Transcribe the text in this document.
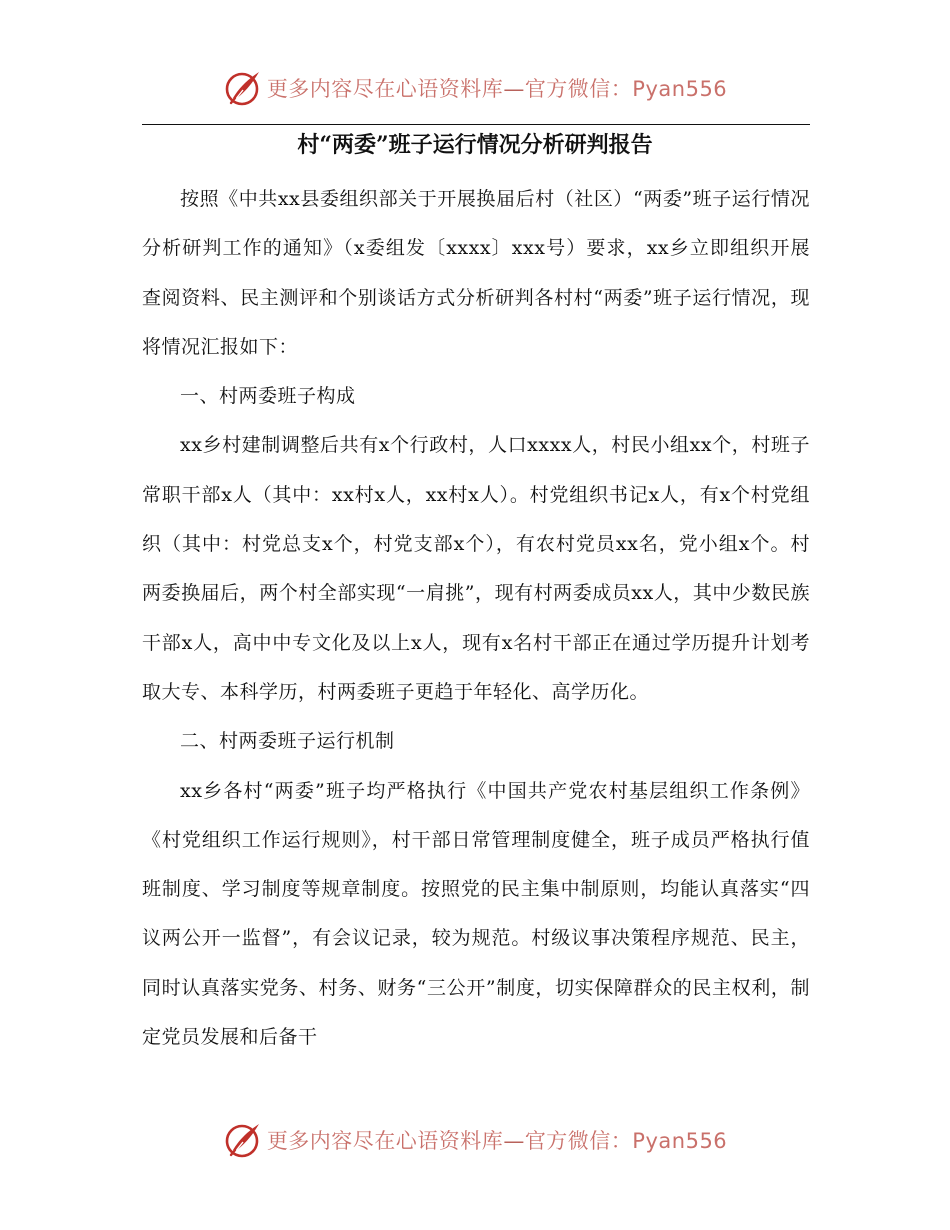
更多内容尽在心语资料库—官方微信：Pyan556
村“两委”班子运行情况分析研判报告

按照《中共xx县委组织部关于开展换届后村（社区）“两委”班子运行情况分析研判工作的通知》（x委组发〔xxxx〕xxx号）要求，xx乡立即组织开展查阅资料、民主测评和个别谈话方式分析研判各村村“两委”班子运行情况，现将情况汇报如下：

一、村两委班子构成

xx乡村建制调整后共有x个行政村，人口xxxx人，村民小组xx个，村班子常职干部x人（其中：xx村x人，xx村x人）。村党组织书记x人，有x个村党组织（其中：村党总支x个，村党支部x个），有农村党员xx名，党小组x个。村两委换届后，两个村全部实现“一肩挑”，现有村两委成员xx人，其中少数民族干部x人，高中中专文化及以上x人，现有x名村干部正在通过学历提升计划考取大专、本科学历，村两委班子更趋于年轻化、高学历化。

二、村两委班子运行机制

xx乡各村“两委”班子均严格执行《中国共产党农村基层组织工作条例》《村党组织工作运行规则》，村干部日常管理制度健全，班子成员严格执行值班制度、学习制度等规章制度。按照党的民主集中制原则，均能认真落实“四议两公开一监督”，有会议记录，较为规范。村级议事决策程序规范、民主，同时认真落实党务、村务、财务“三公开”制度，切实保障群众的民主权利，制定党员发展和后备干

更多内容尽在心语资料库—官方微信：Pyan556
